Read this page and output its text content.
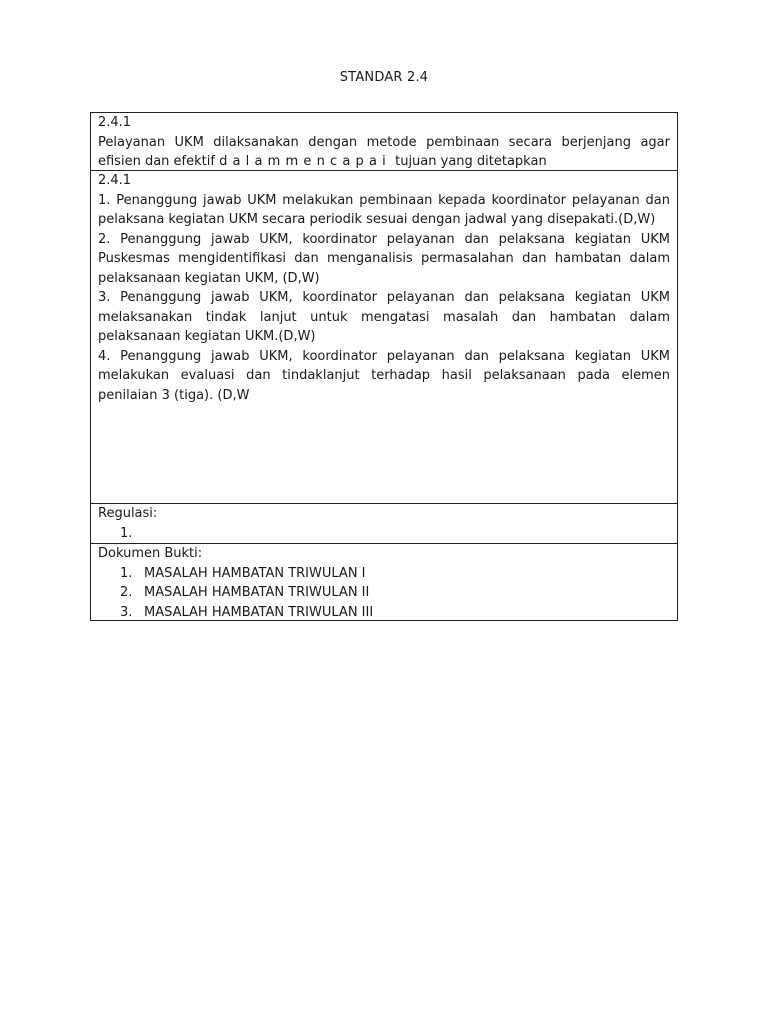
STANDAR 2.4
2.4.1
Pelayanan UKM dilaksanakan dengan metode pembinaan secara berjenjang agar efisien dan efektif dalammencapai tujuan yang ditetapkan
2.4.1

1. Penanggung jawab UKM melakukan pembinaan kepada koordinator pelayanan dan pelaksana kegiatan UKM secara periodik sesuai dengan jadwal yang disepakati.(D,W)

2. Penanggung jawab UKM, koordinator pelayanan dan pelaksana kegiatan UKM Puskesmas mengidentifikasi dan menganalisis permasalahan dan hambatan dalam pelaksanaan kegiatan UKM, (D,W)

3. Penanggung jawab UKM, koordinator pelayanan dan pelaksana kegiatan UKM melaksanakan tindak lanjut untuk mengatasi masalah dan hambatan dalam pelaksanaan kegiatan UKM.(D,W)

4. Penanggung jawab UKM, koordinator pelayanan dan pelaksana kegiatan UKM melakukan evaluasi dan tindaklanjut terhadap hasil pelaksanaan pada elemen penilaian 3 (tiga). (D,W

Regulasi:
1.

Dokumen Bukti:
1. MASALAH HAMBATAN TRIWULAN I
2. MASALAH HAMBATAN TRIWULAN II
3. MASALAH HAMBATAN TRIWULAN III
